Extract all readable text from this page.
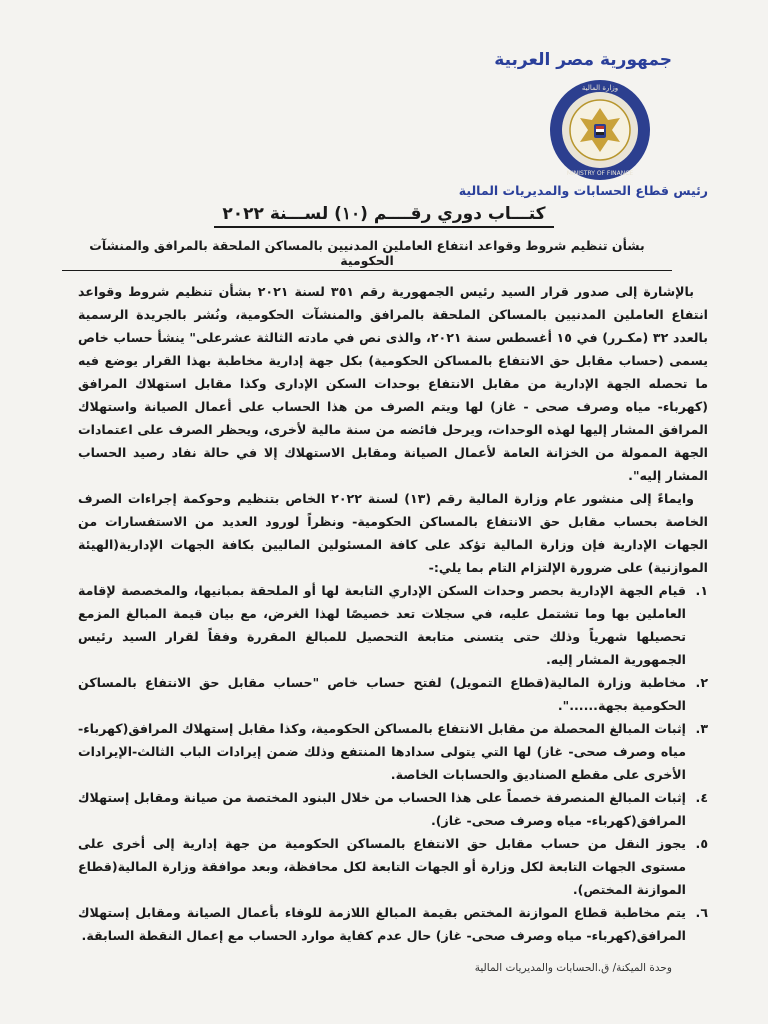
جمهورية مصر العربية
وزارة المالية
MINISTRY OF FINANCE
رئيس قطاع الحسابات والمديريات المالية
كتـــاب دوري رقــــم (١٠) لســـنة ٢٠٢٢
بشأن تنظيم شروط وقواعد انتفاع العاملين المدنيين بالمساكن الملحقة بالمرافق والمنشآت الحكومية

بالإشارة إلى صدور قرار السيد رئيس الجمهورية رقم ٣٥١ لسنة ٢٠٢١ بشأن تنظيم شروط وقواعد انتفاع العاملين المدنيين بالمساكن الملحقة بالمرافق والمنشآت الحكومية، ونُشر بالجريدة الرسمية بالعدد ٣٢ (مكـرر) في ١٥ أغسطس سنة ٢٠٢١، والذى نص في مادته الثالثة عشرعلى" ينشأ حساب خاص يسمى (حساب مقابل حق الانتفاع بالمساكن الحكومية) بكل جهة إدارية مخاطبة بهذا القرار يوضع فيه ما تحصله الجهة الإدارية من مقابل الانتفاع بوحدات السكن الإدارى وكذا مقابل استهلاك المرافق (كهرباء- مياه وصرف صحى - غاز) لها ويتم الصرف من هذا الحساب على أعمال الصيانة واستهلاك المرافق المشار إليها لهذه الوحدات، ويرحل فائضه من سنة مالية لأخرى، ويحظر الصرف على اعتمادات الجهة الممولة من الخزانة العامة لأعمال الصيانة ومقابل الاستهلاك إلا في حالة نفاد رصيد الحساب المشار إليه".

وايماءً إلى منشور عام وزارة المالية رقم (١٣) لسنة ٢٠٢٢ الخاص بتنظيم وحوكمة إجراءات الصرف الخاصة بحساب مقابل حق الانتفاع بالمساكن الحكومية- ونظراً لورود العديد من الاستفسارات من الجهات الإدارية فإن وزارة المالية تؤكد على كافة المسئولين الماليين بكافة الجهات الإدارية(الهيئة الموازنية) على ضرورة الإلتزام التام بما يلي:-

١.
قيام الجهة الإدارية بحصر وحدات السكن الإداري التابعة لها أو الملحقة بمبانيها، والمخصصة لإقامة العاملين بها وما تشتمل عليه، في سجلات تعد خصيصًا لهذا الغرض، مع بيان قيمة المبالغ المزمع تحصيلها شهرياً وذلك حتى يتسنى متابعة التحصيل للمبالغ المقررة وفقاً لقرار السيد رئيس الجمهورية المشار إليه.
٢.
مخاطبة وزارة المالية(قطاع التمويل) لفتح حساب خاص "حساب مقابل حق الانتفاع بالمساكن الحكومية بجهة......".
٣.
إثبات المبالغ المحصلة من مقابل الانتفاع بالمساكن الحكومية، وكذا مقابل إستهلاك المرافق(كهرباء- مياه وصرف صحى- غاز) لها التي يتولى سدادها المنتفع وذلك ضمن إيرادات الباب الثالث-الإيرادات الأخرى على مقطع الصناديق والحسابات الخاصة.
٤.
إثبات المبالغ المنصرفة خصماً على هذا الحساب من خلال البنود المختصة من صيانة ومقابل إستهلاك المرافق(كهرباء- مياه وصرف صحى- غاز).
٥.
يجوز النقل من حساب مقابل حق الانتفاع بالمساكن الحكومية من جهة إدارية إلى أخرى على مستوى الجهات التابعة لكل وزارة أو الجهات التابعة لكل محافظة، وبعد موافقة وزارة المالية(قطاع الموازنة المختص).
٦.
يتم مخاطبة قطاع الموازنة المختص بقيمة المبالغ اللازمة للوفاء بأعمال الصيانة ومقابل إستهلاك المرافق(كهرباء- مياه وصرف صحى- غاز) حال عدم كفاية موارد الحساب مع إعمال النقطة السابقة.
وحدة الميكنة/ ق.الحسابات والمديريات المالية
